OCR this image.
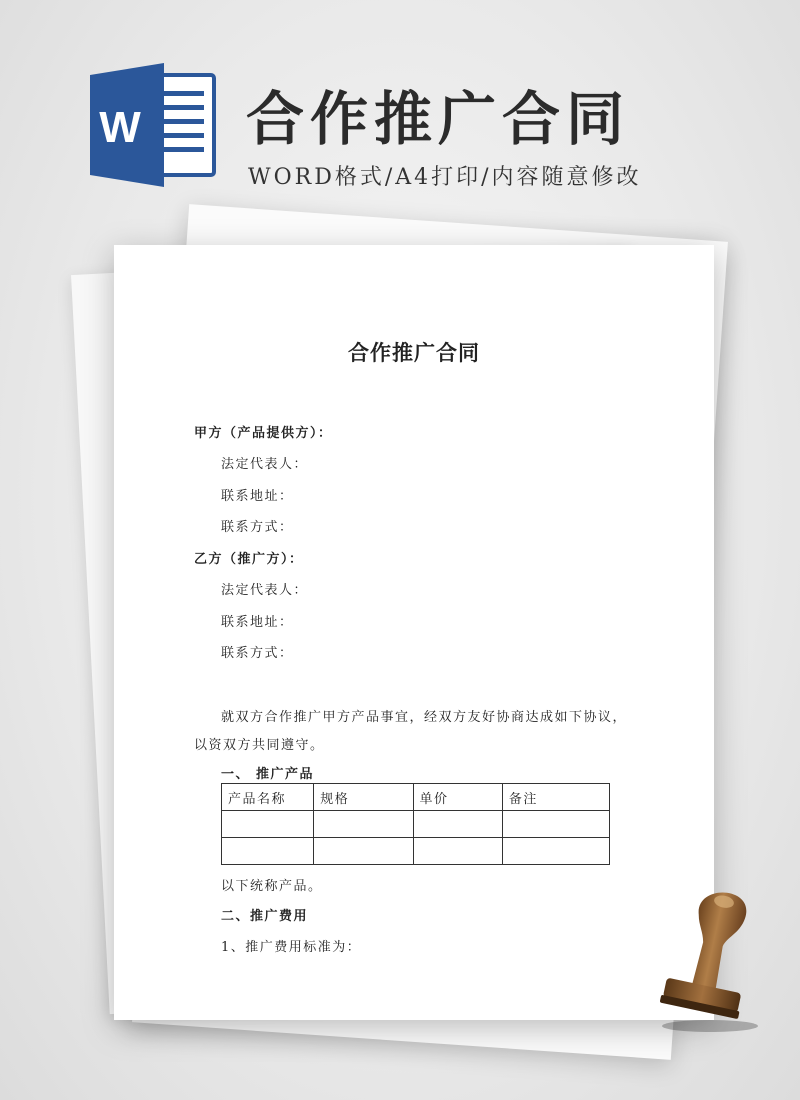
W 合作推广合同
WORD格式/A4打印/内容随意修改
合作推广合同
甲方（产品提供方）：
法定代表人：
联系地址：
联系方式：
乙方（推广方）：
法定代表人：
联系地址：
联系方式：
就双方合作推广甲方产品事宜，经双方友好协商达成如下协议，
以资双方共同遵守。
一、 推广产品
产品名称	规格	单价	备注

以下统称产品。
二、推广费用
1、推广费用标准为：
